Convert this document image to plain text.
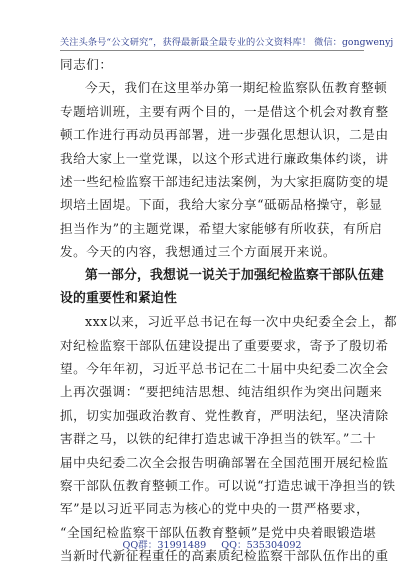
关注头条号“公文研究”，获得最新最全最专业的公文资料库！ 微信：gongwenyj
同志们：
今天，我们在这里举办第一期纪检监察队伍教育整顿
专题培训班，主要有两个目的，一是借这个机会对教育整
顿工作进行再动员再部署，进一步强化思想认识，二是由
我给大家上一堂党课，以这个形式进行廉政集体约谈，讲
述一些纪检监察干部违纪违法案例，为大家拒腐防变的堤
坝培土固堤。下面，我给大家分享“砥砺品格操守，彰显
担当作为”的主题党课，希望大家能够有所收获，有所启
发。今天的内容，我想通过三个方面展开来说。
第一部分，我想说一说关于加强纪检监察干部队伍建
设的重要性和紧迫性
xxx以来，习近平总书记在每一次中央纪委全会上，都
对纪检监察干部队伍建设提出了重要要求，寄予了殷切希
望。今年年初，习近平总书记在二十届中央纪委二次全会
上再次强调：“要把纯洁思想、纯洁组织作为突出问题来
抓，切实加强政治教育、党性教育，严明法纪，坚决清除
害群之马，以铁的纪律打造忠诚干净担当的铁军。”二十
届中央纪委二次全会报告明确部署在全国范围开展纪检监
察干部队伍教育整顿工作。可以说“打造忠诚干净担当的铁
军”是以习近平同志为核心的党中央的一贯严格要求，
“全国纪检监察干部队伍教育整顿”是党中央着眼锻造堪
当新时代新征程重任的高素质纪检监察干部队伍作出的重
QQ群：31991489 QQ：535304092
